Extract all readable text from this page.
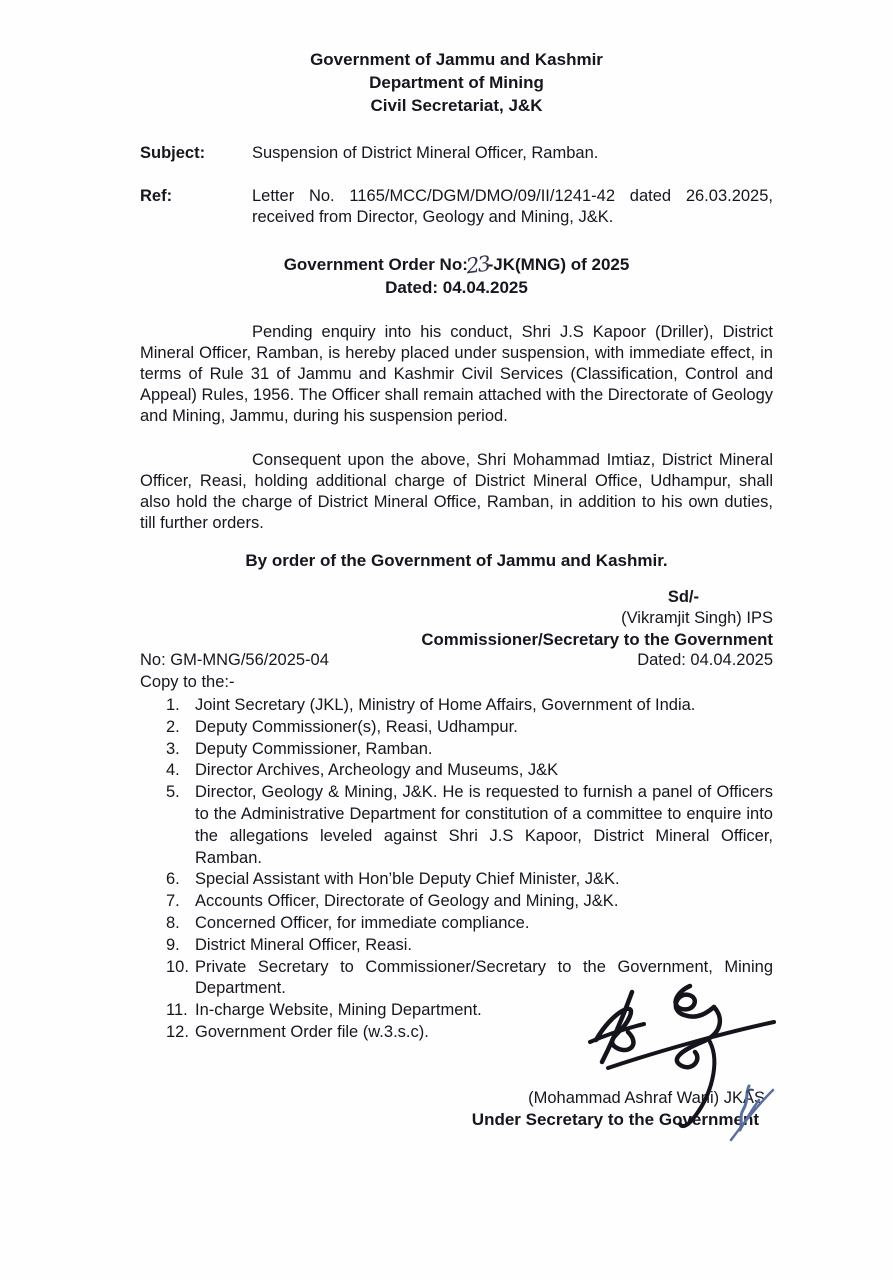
Government of Jammu and Kashmir
Department of Mining
Civil Secretariat, J&K
Subject:	Suspension of District Mineral Officer, Ramban.
Ref:	Letter No. 1165/MCC/DGM/DMO/09/II/1241-42 dated 26.03.2025, received from Director, Geology and Mining, J&K.
Government Order No:23-JK(MNG) of 2025
Dated: 04.04.2025
Pending enquiry into his conduct, Shri J.S Kapoor (Driller), District Mineral Officer, Ramban, is hereby placed under suspension, with immediate effect, in terms of Rule 31 of Jammu and Kashmir Civil Services (Classification, Control and Appeal) Rules, 1956. The Officer shall remain attached with the Directorate of Geology and Mining, Jammu, during his suspension period.
Consequent upon the above, Shri Mohammad Imtiaz, District Mineral Officer, Reasi, holding additional charge of District Mineral Office, Udhampur, shall also hold the charge of District Mineral Office, Ramban, in addition to his own duties, till further orders.
By order of the Government of Jammu and Kashmir.
Sd/-
(Vikramjit Singh) IPS
Commissioner/Secretary to the Government
No: GM-MNG/56/2025-04	Dated: 04.04.2025
Copy to the:-
1. Joint Secretary (JKL), Ministry of Home Affairs, Government of India.
2. Deputy Commissioner(s), Reasi, Udhampur.
3. Deputy Commissioner, Ramban.
4. Director Archives, Archeology and Museums, J&K
5. Director, Geology & Mining, J&K. He is requested to furnish a panel of Officers to the Administrative Department for constitution of a committee to enquire into the allegations leveled against Shri J.S Kapoor, District Mineral Officer, Ramban.
6. Special Assistant with Hon’ble Deputy Chief Minister, J&K.
7. Accounts Officer, Directorate of Geology and Mining, J&K.
8. Concerned Officer, for immediate compliance.
9. District Mineral Officer, Reasi.
10. Private Secretary to Commissioner/Secretary to the Government, Mining Department.
11. In-charge Website, Mining Department.
12. Government Order file (w.3.s.c).
(Mohammad Ashraf Wani) JKAS
Under Secretary to the Government
